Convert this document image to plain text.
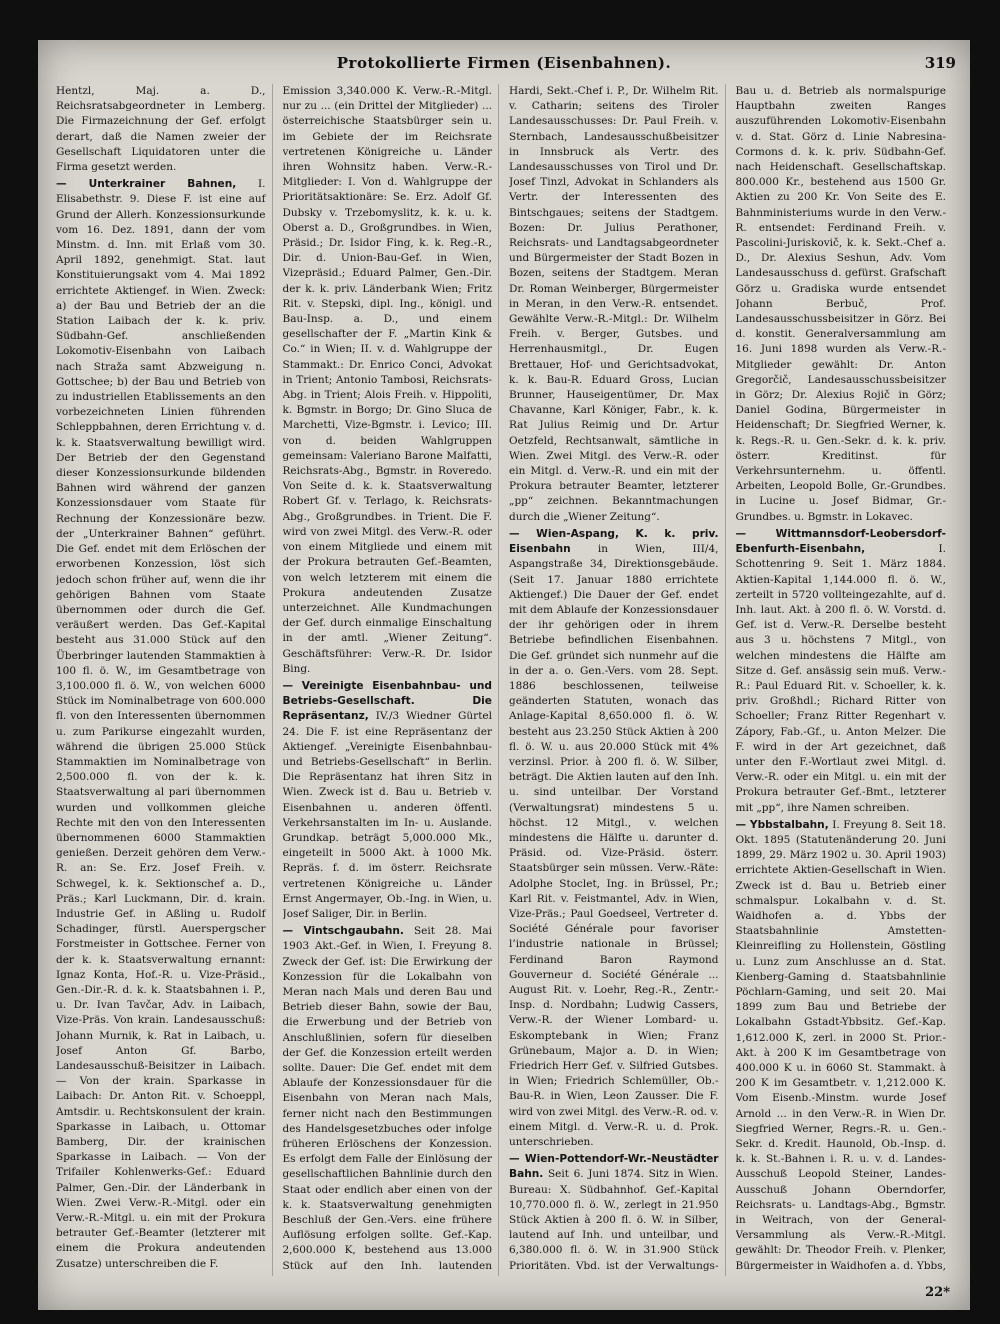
Protokollierte Firmen (Eisenbahnen).	319

Hentzl, Maj. a. D., Reichsratsabgeordneter in Lemberg. Die Firmazeichnung der Gef. erfolgt derart, daß die Namen zweier der Gesellschaft Liquidatoren unter die Firma gesetzt werden.

— Unterkrainer Bahnen, I. Elisabethstr. 9. Diese F. ist eine auf Grund der Allerh. Konzessionsurkunde vom 16. Dez. 1891, dann der vom Minstm. d. Inn. mit Erlaß vom 30. April 1892, genehmigt. Stat. laut Konstituierungsakt vom 4. Mai 1892 errichtete Aktiengef. in Wien. Zweck: a) der Bau und Betrieb der an die Station Laibach der k. k. priv. Südbahn-Gef. anschließenden Lokomotiv-Eisenbahn von Laibach nach Straža samt Abzweigung n. Gottschee; b) der Bau und Betrieb von zu industriellen Etablissements an den vorbezeichneten Linien führenden Schleppbahnen, deren Errichtung v. d. k. k. Staatsverwaltung bewilligt wird. Der Betrieb der den Gegenstand dieser Konzessionsurkunde bildenden Bahnen wird während der ganzen Konzessionsdauer vom Staate für Rechnung der Konzessionäre bezw. der „Unterkrainer Bahnen“ geführt. Die Gef. endet mit dem Erlöschen der erworbenen Konzession, löst sich jedoch schon früher auf, wenn die ihr gehörigen Bahnen vom Staate übernommen oder durch die Gef. veräußert werden. Das Gef.-Kapital besteht aus 31.000 Stück auf den Überbringer lautenden Stammaktien à 100 fl. ö. W., im Gesamtbetrage von 3,100.000 fl. ö. W., von welchen 6000 Stück im Nominalbetrage von 600.000 fl. von den Interessenten übernommen u. zum Parikurse eingezahlt wurden, während die übrigen 25.000 Stück Stammaktien im Nominalbetrage von 2,500.000 fl. von der k. k. Staatsverwaltung al pari übernommen wurden und vollkommen gleiche Rechte mit den von den Interessenten übernommenen 6000 Stammaktien genießen. Derzeit gehören dem Verw.-R. an: Se. Erz. Josef Freih. v. Schwegel, k. k. Sektionschef a. D., Präs.; Karl Luckmann, Dir. d. krain. Industrie Gef. in Aßling u. Rudolf Schadinger, fürstl. Auerspergscher Forstmeister in Gottschee. Ferner von der k. k. Staatsverwaltung ernannt: Ignaz Konta, Hof.-R. u. Vize-Präsid., Gen.-Dir.-R. d. k. k. Staatsbahnen i. P., u. Dr. Ivan Tavčar, Adv. in Laibach, Vize-Präs. Von krain. Landesausschuß: Johann Murnik, k. Rat in Laibach, u. Josef Anton Gf. Barbo, Landesausschuß-Beisitzer in Laibach. — Von der krain. Sparkasse in Laibach: Dr. Anton Rit. v. Schoeppl, Amtsdir. u. Rechtskonsulent der krain. Sparkasse in Laibach, u. Ottomar Bamberg, Dir. der krainischen Sparkasse in Laibach. — Von der Trifailer Kohlenwerks-Gef.: Eduard Palmer, Gen.-Dir. der Länderbank in Wien. Zwei Verw.-R.-Mitgl. oder ein Verw.-R.-Mitgl. u. ein mit der Prokura betrauter Gef.-Beamter (letzterer mit einem die Prokura andeutenden Zusatze) unterschreiben die F.

Emission 3,340.000 K. Verw.-R.-Mitgl. nur zu ... (ein Drittel der Mitglieder) ... österreichische Staatsbürger sein u. im Gebiete der im Reichsrate vertretenen Königreiche u. Länder ihren Wohnsitz haben. Verw.-R.-Mitglieder: I. Von d. Wahlgruppe der Prioritätsaktionäre: Se. Erz. Adolf Gf. Dubsky v. Trzebomyslitz, k. k. u. k. Oberst a. D., Großgrundbes. in Wien, Präsid.; Dr. Isidor Fing, k. k. Reg.-R., Dir. d. Union-Bau-Gef. in Wien, Vizepräsid.; Eduard Palmer, Gen.-Dir. der k. k. priv. Länderbank Wien; Fritz Rit. v. Stepski, dipl. Ing., königl. und Bau-Insp. a. D., und einem gesellschafter der F. „Martin Kink & Co.“ in Wien; II. v. d. Wahlgruppe der Stammakt.: Dr. Enrico Conci, Advokat in Trient; Antonio Tambosi, Reichsrats-Abg. in Trient; Alois Freih. v. Hippoliti, k. Bgmstr. in Borgo; Dr. Gino Sluca de Marchetti, Vize-Bgmstr. i. Levico; III. von d. beiden Wahlgruppen gemeinsam: Valeriano Barone Malfatti, Reichsrats-Abg., Bgmstr. in Roveredo. Von Seite d. k. k. Staatsverwaltung Robert Gf. v. Terlago, k. Reichsrats-Abg., Großgrundbes. in Trient. Die F. wird von zwei Mitgl. des Verw.-R. oder von einem Mitgliede und einem mit der Prokura betrauten Gef.-Beamten, von welch letzterem mit einem die Prokura andeutenden Zusatze unterzeichnet. Alle Kundmachungen der Gef. durch einmalige Einschaltung in der amtl. „Wiener Zeitung“. Geschäftsführer: Verw.-R. Dr. Isidor Bing.

— Vereinigte Eisenbahnbau- und Betriebs-Gesellschaft. Die Repräsentanz, IV./3 Wiedner Gürtel 24. Die F. ist eine Repräsentanz der Aktiengef. „Vereinigte Eisenbahnbau- und Betriebs-Gesellschaft“ in Berlin. Die Repräsentanz hat ihren Sitz in Wien. Zweck ist d. Bau u. Betrieb v. Eisenbahnen u. anderen öffentl. Verkehrsanstalten im In- u. Auslande. Grundkap. beträgt 5,000.000 Mk., eingeteilt in 5000 Akt. à 1000 Mk. Repräs. f. d. im österr. Reichsrate vertretenen Königreiche u. Länder Ernst Angermayer, Ob.-Ing. in Wien, u. Josef Saliger, Dir. in Berlin.

— Vintschgaubahn. Seit 28. Mai 1903 Akt.-Gef. in Wien, I. Freyung 8. Zweck der Gef. ist: Die Erwirkung der Konzession für die Lokalbahn von Meran nach Mals und deren Bau und Betrieb dieser Bahn, sowie der Bau, die Erwerbung und der Betrieb von Anschlußlinien, sofern für dieselben der Gef. die Konzession erteilt werden sollte. Dauer: Die Gef. endet mit dem Ablaufe der Konzessionsdauer für die Eisenbahn von Meran nach Mals, ferner nicht nach den Bestimmungen des Handelsgesetzbuches oder infolge früheren Erlöschens der Konzession. Es erfolgt dem Falle der Einlösung der gesellschaftlichen Bahnlinie durch den Staat oder endlich aber einen von der k. k. Staatsverwaltung genehmigten Beschluß der Gen.-Vers. eine frühere Auflösung erfolgen sollte. Gef.-Kap. 2,600.000 K, bestehend aus 13.000 Stück auf den Inh. lautenden

Hardi, Sekt.-Chef i. P., Dr. Wilhelm Rit. v. Catharin; seitens des Tiroler Landesausschusses: Dr. Paul Freih. v. Sternbach, Landesausschußbeisitzer in Innsbruck als Vertr. des Landesausschusses von Tirol und Dr. Josef Tinzl, Advokat in Schlanders als Vertr. der Interessenten des Bintschgaues; seitens der Stadtgem. Bozen: Dr. Julius Perathoner, Reichsrats- und Landtagsabgeordneter und Bürgermeister der Stadt Bozen in Bozen, seitens der Stadtgem. Meran Dr. Roman Weinberger, Bürgermeister in Meran, in den Verw.-R. entsendet. Gewählte Verw.-R.-Mitgl.: Dr. Wilhelm Freih. v. Berger, Gutsbes. und Herrenhausmitgl., Dr. Eugen Brettauer, Hof- und Gerichtsadvokat, k. k. Bau-R. Eduard Gross, Lucian Brunner, Hauseigentümer, Dr. Max Chavanne, Karl Königer, Fabr., k. k. Rat Julius Reimig und Dr. Artur Oetzfeld, Rechtsanwalt, sämtliche in Wien. Zwei Mitgl. des Verw.-R. oder ein Mitgl. d. Verw.-R. und ein mit der Prokura betrauter Beamter, letzterer „pp“ zeichnen. Bekanntmachungen durch die „Wiener Zeitung“.

— Wien-Aspang, K. k. priv. Eisenbahn	in Wien, III/4, Aspangstraße 34, Direktionsgebäude. (Seit 17. Januar 1880 errichtete Aktiengef.) Die Dauer der Gef. endet mit dem Ablaufe der Konzessionsdauer der ihr gehörigen oder in ihrem Betriebe befindlichen Eisenbahnen. Die Gef. gründet sich nunmehr auf die in der a. o. Gen.-Vers. vom 28. Sept. 1886 beschlossenen, teilweise geänderten Statuten, wonach das Anlage-Kapital 8,650.000 fl. ö. W. besteht aus 23.250 Stück Aktien à 200 fl. ö. W. u. aus 20.000 Stück mit 4% verzinsl. Prior. à 200 fl. ö. W. Silber, beträgt. Die Aktien lauten auf den Inh. u. sind unteilbar. Der Vorstand (Verwaltungsrat) mindestens 5 u. höchst. 12 Mitgl., v. welchen mindestens die Hälfte u. darunter d. Präsid. od. Vize-Präsid. österr. Staatsbürger sein müssen. Verw.-Räte: Adolphe Stoclet, Ing. in Brüssel, Pr.; Karl Rit. v. Feistmantel, Adv. in Wien, Vize-Präs.; Paul Goedseel, Vertreter d. Société Générale pour favoriser l’industrie nationale in Brüssel; Ferdinand Baron Raymond Gouverneur d. Société Générale ... August Rit. v. Loehr, Reg.-R., Zentr.-Insp. d. Nordbahn; Ludwig Cassers, Verw.-R. der Wiener Lombard- u. Eskomptebank in Wien; Franz Grünebaum, Major a. D. in Wien; Friedrich Herr Gef. v. Silfried Gutsbes. in Wien; Friedrich Schlemüller, Ob.-Bau-R. in Wien, Leon Zausser. Die F. wird von zwei Mitgl. des Verw.-R. od. v. einem Mitgl. d. Verw.-R. u. d. Prok. unterschrieben.

— Wien-Pottendorf-Wr.-Neustädter Bahn. Seit 6. Juni 1874. Sitz in Wien. Bureau: X. Südbahnhof. Gef.-Kapital 10,770.000 fl. ö. W., zerlegt in 21.950 Stück Aktien à 200 fl. ö. W. in Silber, lautend auf Inh. und unteilbar, und 6,380.000 fl. ö. W. in 31.900 Stück Prioritäten. Vbd. ist der Verwaltungs-

Bau u. d. Betrieb als normalspurige Hauptbahn zweiten Ranges auszuführenden Lokomotiv-Eisenbahn v. d. Stat. Görz d. Linie Nabresina-Cormons d. k. k. priv. Südbahn-Gef. nach Heidenschaft. Gesellschaftskap. 800.000 Kr., bestehend aus 1500 Gr. Aktien zu 200 Kr. Von Seite des E. Bahnministeriums wurde in den Verw.-R. entsendet: Ferdinand Freih. v. Pascolini-Juriskovič, k. k. Sekt.-Chef a. D., Dr. Alexius Seshun, Adv. Vom Landesausschuss d. gefürst. Grafschaft Görz u. Gradiska wurde entsendet Johann Berbuč, Prof. Landesausschussbeisitzer in Görz. Bei d. konstit. Generalversammlung am 16. Juni 1898 wurden als Verw.-R.-Mitglieder gewählt: Dr. Anton Gregorčič, Landesausschussbeisitzer in Görz; Dr. Alexius Rojič in Görz; Daniel Godina, Bürgermeister in Heidenschaft; Dr. Siegfried Werner, k. k. Regs.-R. u. Gen.-Sekr. d. k. k. priv. österr. Kreditinst. für Verkehrsunternehm. u. öffentl. Arbeiten, Leopold Bolle, Gr.-Grundbes. in Lucine u. Josef Bidmar, Gr.-Grundbes. u. Bgmstr. in Lokavec.

— Wittmannsdorf-Leobersdorf-Ebenfurth-Eisenbahn,	I. Schottenring 9. Seit 1. März 1884. Aktien-Kapital 1,144.000 fl. ö. W., zerteilt in 5720 vollteingezahlte, auf d. Inh. laut. Akt. à 200 fl. ö. W. Vorstd. d. Gef. ist d. Verw.-R. Derselbe besteht aus 3 u. höchstens 7 Mitgl., von welchen mindestens die Hälfte am Sitze d. Gef. ansässig sein muß. Verw.-R.: Paul Eduard Rit. v. Schoeller, k. k. priv. Großhdl.; Richard Ritter von Schoeller; Franz Ritter Regenhart v. Zápory, Fab.-Gf., u. Anton Melzer. Die F. wird in der Art gezeichnet, daß unter den F.-Wortlaut zwei Mitgl. d. Verw.-R. oder ein Mitgl. u. ein mit der Prokura betrauter Gef.-Bmt., letzterer mit „pp“, ihre Namen schreiben.

— Ybbstalbahn, I. Freyung 8. Seit 18. Okt. 1895 (Statutenänderung 20. Juni 1899, 29. März 1902 u. 30. April 1903) errichtete Aktien-Gesellschaft in Wien. Zweck ist d. Bau u. Betrieb einer schmalspur. Lokalbahn v. d. St. Waidhofen a. d. Ybbs der Staatsbahnlinie Amstetten-Kleinreifling zu Hollenstein, Göstling u. Lunz zum Anschlusse an d. Stat. Kienberg-Gaming d. Staatsbahnlinie Pöchlarn-Gaming, und seit 20. Mai 1899 zum Bau und Betriebe der Lokalbahn Gstadt-Ybbsitz. Gef.-Kap. 1,612.000 K, zerl. in 2000 St. Prior.-Akt. à 200 K im Gesamtbetrage von 400.000 K u. in 6060 St. Stammakt. à 200 K im Gesamtbetr. v. 1,212.000 K. Vom Eisenb.-Minstm. wurde Josef Arnold ... in den Verw.-R. in Wien Dr. Siegfried Werner, Regrs.-R. u. Gen.-Sekr. d. Kredit. Haunold, Ob.-Insp. d. k. k. St.-Bahnen i. R. u. v. d. Landes-Ausschuß Leopold Steiner, Landes-Ausschuß Johann Oberndorfer, Reichsrats- u. Landtags-Abg., Bgmstr. in Weitrach, von der General-Versammlung als Verw.-R.-Mitgl. gewählt: Dr. Theodor Freih. v. Plenker, Bürgermeister in Waidhofen a. d. Ybbs,

22*
